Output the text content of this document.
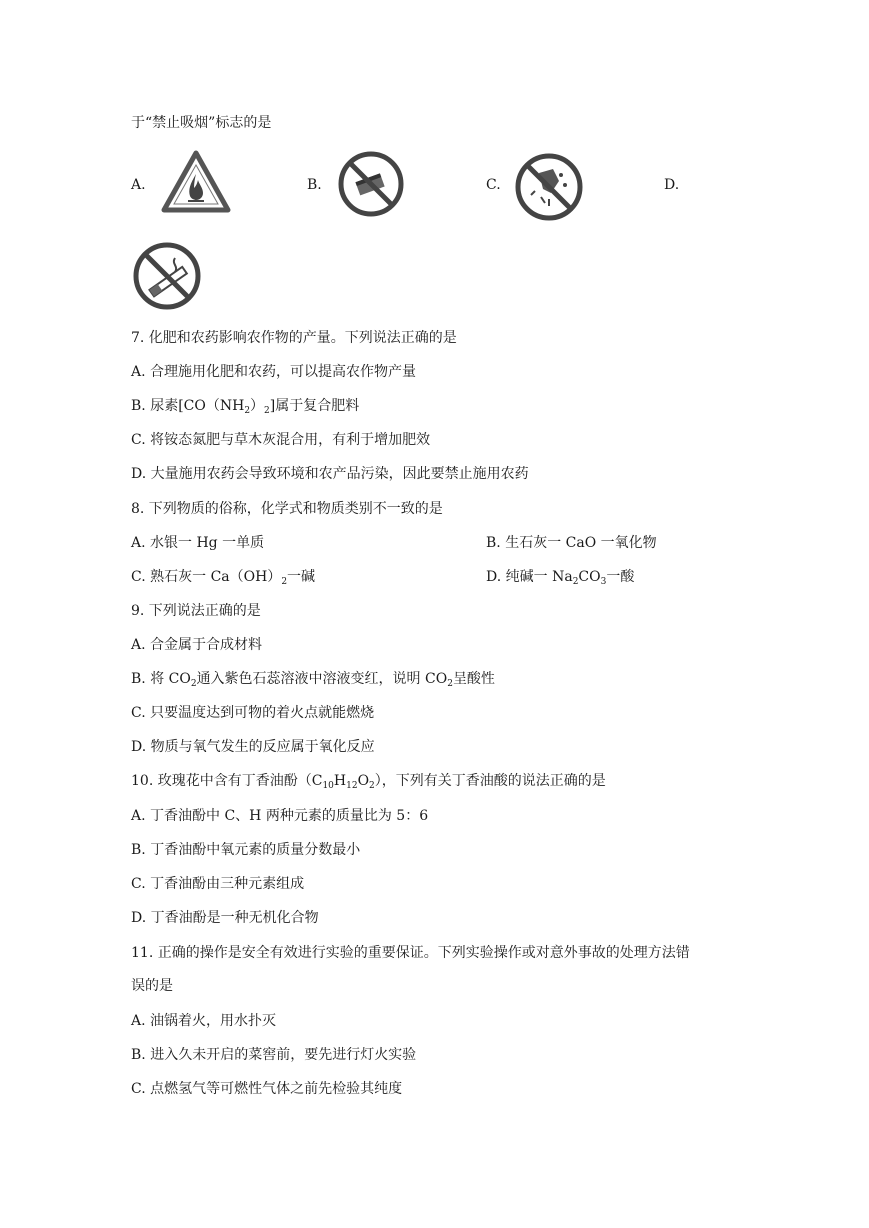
于“禁止吸烟”标志的是
A.	B.	C.	D.
7. 化肥和农药影响农作物的产量。下列说法正确的是
A. 合理施用化肥和农药，可以提高农作物产量
B. 尿素$[CO(NH_2)_2]$属于复合肥料
C. 将铵态氮肥与草木灰混合用，有利于增加肥效
D. 大量施用农药会导致环境和农产品污染，因此要禁止施用农药
8. 下列物质的俗称，化学式和物质类别不一致的是
A. 水银一 Hg 一单质	B. 生石灰一 CaO 一氧化物
C. 熟石灰一 $Ca(OH)_2$一碱	D. 纯碱一 $Na_2CO_3$一酸
9. 下列说法正确的是
A. 合金属于合成材料
B. 将 $CO_2$通入紫色石蕊溶液中溶液变红，说明 $CO_2$呈酸性
C. 只要温度达到可物的着火点就能燃烧
D. 物质与氧气发生的反应属于氧化反应
10. 玫瑰花中含有丁香油酚$(C_{10}H_{12}O_2)$，下列有关丁香油酸的说法正确的是
A. 丁香油酚中 C、H 两种元素的质量比为 5：6
B. 丁香油酚中氧元素的质量分数最小
C. 丁香油酚由三种元素组成
D. 丁香油酚是一种无机化合物
11. 正确的操作是安全有效进行实验的重要保证。下列实验操作或对意外事故的处理方法错
误的是
A. 油锅着火，用水扑灭
B. 进入久未开启的菜窖前，要先进行灯火实验
C. 点燃氢气等可燃性气体之前先检验其纯度
